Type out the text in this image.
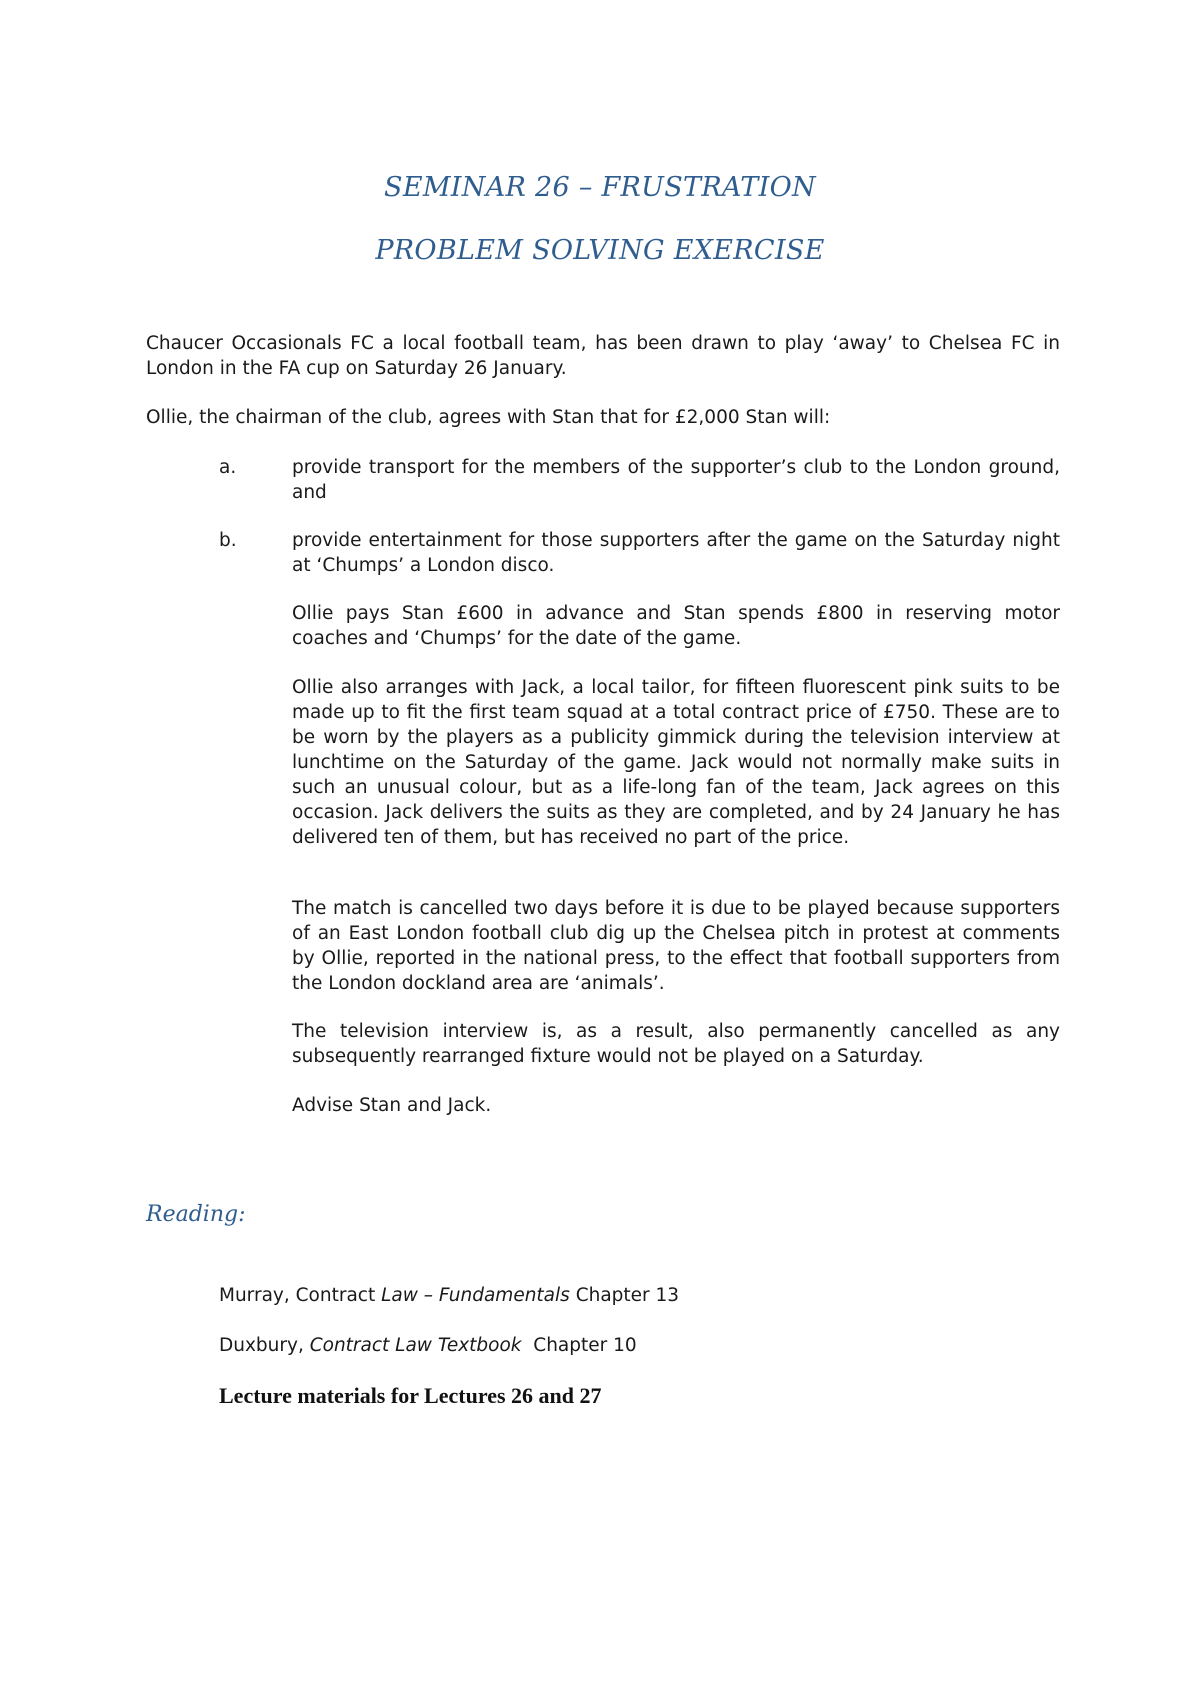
SEMINAR 26 – FRUSTRATION
PROBLEM SOLVING EXERCISE
Chaucer Occasionals FC a local football team, has been drawn to play ‘away’ to Chelsea FC in London in the FA cup on Saturday 26 January.
Ollie, the chairman of the club, agrees with Stan that for £2,000 Stan will:
a.	provide transport for the members of the supporter’s club to the London ground, and
b.	provide entertainment for those supporters after the game on the Saturday night at ‘Chumps’ a London disco.
Ollie pays Stan £600 in advance and Stan spends £800 in reserving motor coaches and ‘Chumps’ for the date of the game.
Ollie also arranges with Jack, a local tailor, for fifteen fluorescent pink suits to be made up to fit the first team squad at a total contract price of £750. These are to be worn by the players as a publicity gimmick during the television interview at lunchtime on the Saturday of the game. Jack would not normally make suits in such an unusual colour, but as a life-long fan of the team, Jack agrees on this occasion. Jack delivers the suits as they are completed, and by 24 January he has delivered ten of them, but has received no part of the price.
The match is cancelled two days before it is due to be played because supporters of an East London football club dig up the Chelsea pitch in protest at comments by Ollie, reported in the national press, to the effect that football supporters from the London dockland area are ‘animals’.
The television interview is, as a result, also permanently cancelled as any subsequently rearranged fixture would not be played on a Saturday.
Advise Stan and Jack.
Reading:
Murray, Contract Law – Fundamentals Chapter 13
Duxbury, Contract Law Textbook  Chapter 10
Lecture materials for Lectures 26 and 27
